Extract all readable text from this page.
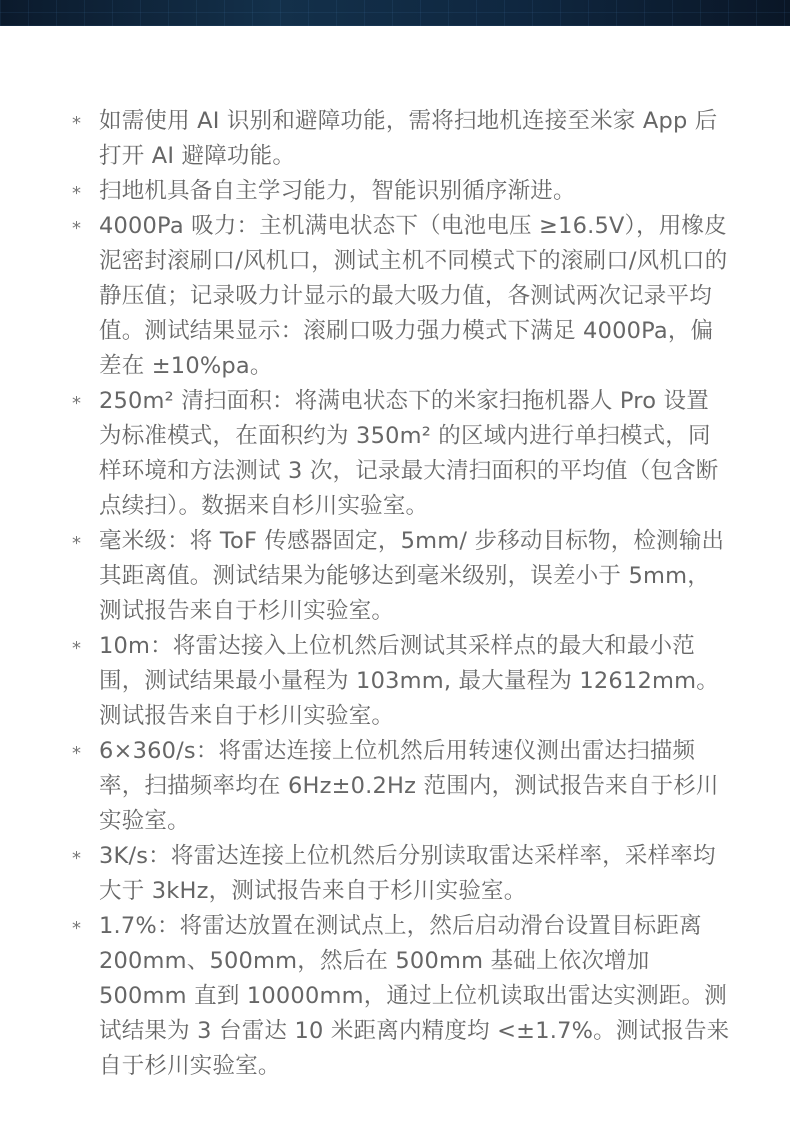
* 如需使用 AI 识别和避障功能，需将扫地机连接至米家 App 后打开 AI 避障功能。
* 扫地机具备自主学习能力，智能识别循序渐进。
* 4000Pa 吸力：主机满电状态下（电池电压 ≥16.5V），用橡皮泥密封滚刷口/风机口，测试主机不同模式下的滚刷口/风机口的静压值；记录吸力计显示的最大吸力值，各测试两次记录平均值。测试结果显示：滚刷口吸力强力模式下满足 4000Pa，偏差在 ±10%pa。
* 250m² 清扫面积：将满电状态下的米家扫拖机器人 Pro 设置为标准模式，在面积约为 350m² 的区域内进行单扫模式，同样环境和方法测试 3 次，记录最大清扫面积的平均值（包含断点续扫）。数据来自杉川实验室。
* 毫米级：将 ToF 传感器固定，5mm/ 步移动目标物，检测输出其距离值。测试结果为能够达到毫米级别，误差小于 5mm，测试报告来自于杉川实验室。
* 10m：将雷达接入上位机然后测试其采样点的最大和最小范围，测试结果最小量程为 103mm, 最大量程为 12612mm。测试报告来自于杉川实验室。
* 6×360/s：将雷达连接上位机然后用转速仪测出雷达扫描频率，扫描频率均在 6Hz±0.2Hz 范围内，测试报告来自于杉川实验室。
* 3K/s：将雷达连接上位机然后分别读取雷达采样率，采样率均大于 3kHz，测试报告来自于杉川实验室。
* 1.7%：将雷达放置在测试点上，然后启动滑台设置目标距离 200mm、500mm，然后在 500mm 基础上依次增加 500mm 直到 10000mm，通过上位机读取出雷达实测距。测试结果为 3 台雷达 10 米距离内精度均 <±1.7%。测试报告来自于杉川实验室。
